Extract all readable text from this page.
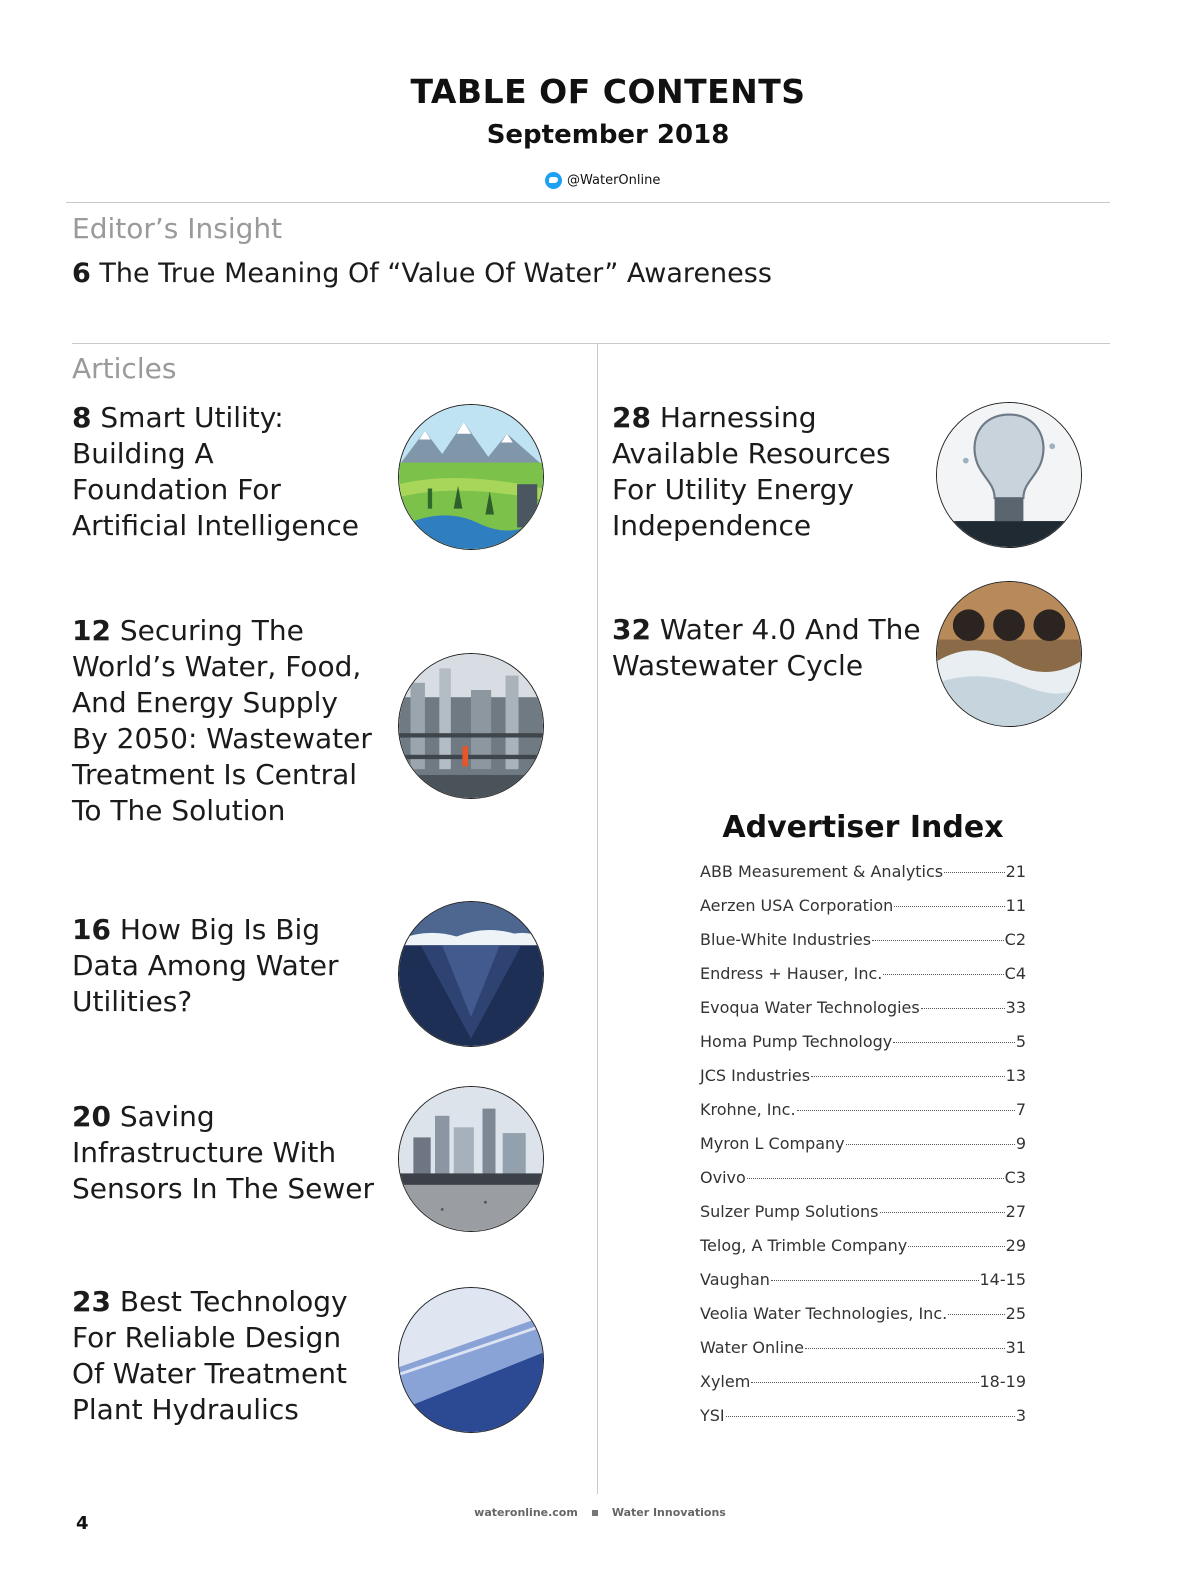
TABLE OF CONTENTS
September 2018
@WaterOnline
Editor’s Insight
6 The True Meaning Of “Value Of Water” Awareness
Articles
8 Smart Utility:
Building A
Foundation For
Artificial Intelligence
12 Securing The
World’s Water, Food,
And Energy Supply
By 2050: Wastewater
Treatment Is Central
To The Solution
16 How Big Is Big
Data Among Water
Utilities?
20 Saving
Infrastructure With
Sensors In The Sewer
23 Best Technology
For Reliable Design
Of Water Treatment
Plant Hydraulics
28 Harnessing
Available Resources
For Utility Energy
Independence
32 Water 4.0 And The
Wastewater Cycle
Advertiser Index
ABB Measurement & Analytics	21
Aerzen USA Corporation	11
Blue-White Industries	C2
Endress + Hauser, Inc.	C4
Evoqua Water Technologies	33
Homa Pump Technology	5
JCS Industries	13
Krohne, Inc.	7
Myron L Company	9
Ovivo	C3
Sulzer Pump Solutions	27
Telog, A Trimble Company	29
Vaughan	14-15
Veolia Water Technologies, Inc.	25
Water Online	31
Xylem	18-19
YSI	3
wateronline.com	Water Innovations
4
